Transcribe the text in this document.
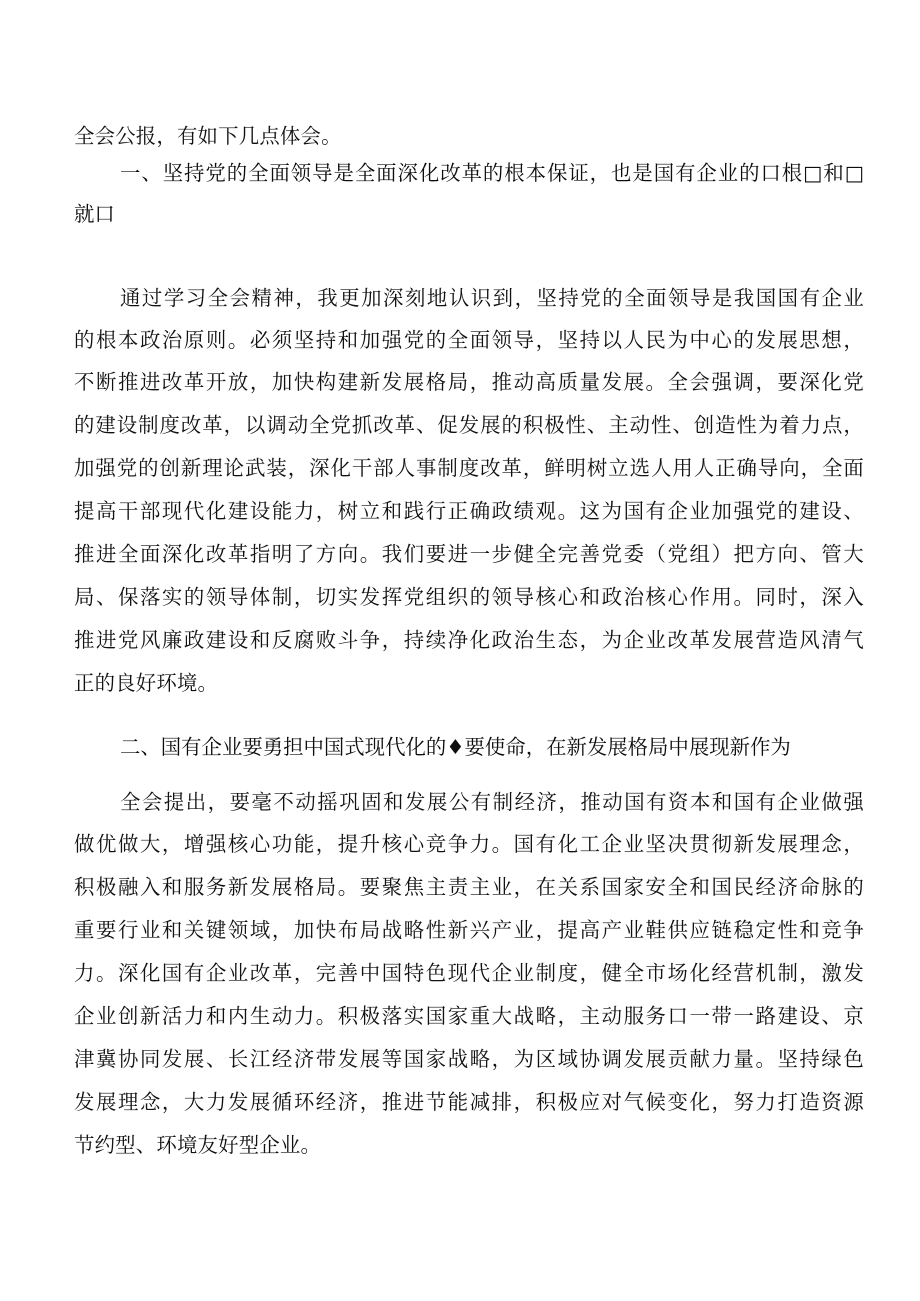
全会公报，有如下几点体会。
一、坚持党的全面领导是全面深化改革的根本保证，也是国有企业的口根□和□
就口
通过学习全会精神，我更加深刻地认识到，坚持党的全面领导是我国国有企业
的根本政治原则。必须坚持和加强党的全面领导，坚持以人民为中心的发展思想，
不断推进改革开放，加快构建新发展格局，推动高质量发展。全会强调，要深化党
的建设制度改革，以调动全党抓改革、促发展的积极性、主动性、创造性为着力点，
加强党的创新理论武装，深化干部人事制度改革，鲜明树立选人用人正确导向，全面
提高干部现代化建设能力，树立和践行正确政绩观。这为国有企业加强党的建设、
推进全面深化改革指明了方向。我们要进一步健全完善党委（党组）把方向、管大
局、保落实的领导体制，切实发挥党组织的领导核心和政治核心作用。同时，深入
推进党风廉政建设和反腐败斗争，持续净化政治生态，为企业改革发展营造风清气
正的良好环境。
二、国有企业要勇担中国式现代化的♦要使命，在新发展格局中展现新作为
全会提出，要毫不动摇巩固和发展公有制经济，推动国有资本和国有企业做强
做优做大，增强核心功能，提升核心竞争力。国有化工企业坚决贯彻新发展理念，
积极融入和服务新发展格局。要聚焦主责主业，在关系国家安全和国民经济命脉的
重要行业和关键领域，加快布局战略性新兴产业，提高产业鞋供应链稳定性和竞争
力。深化国有企业改革，完善中国特色现代企业制度，健全市场化经营机制，激发
企业创新活力和内生动力。积极落实国家重大战略，主动服务口一带一路建设、京
津冀协同发展、长江经济带发展等国家战略，为区域协调发展贡献力量。坚持绿色
发展理念，大力发展循环经济，推进节能减排，积极应对气候变化，努力打造资源
节约型、环境友好型企业。
